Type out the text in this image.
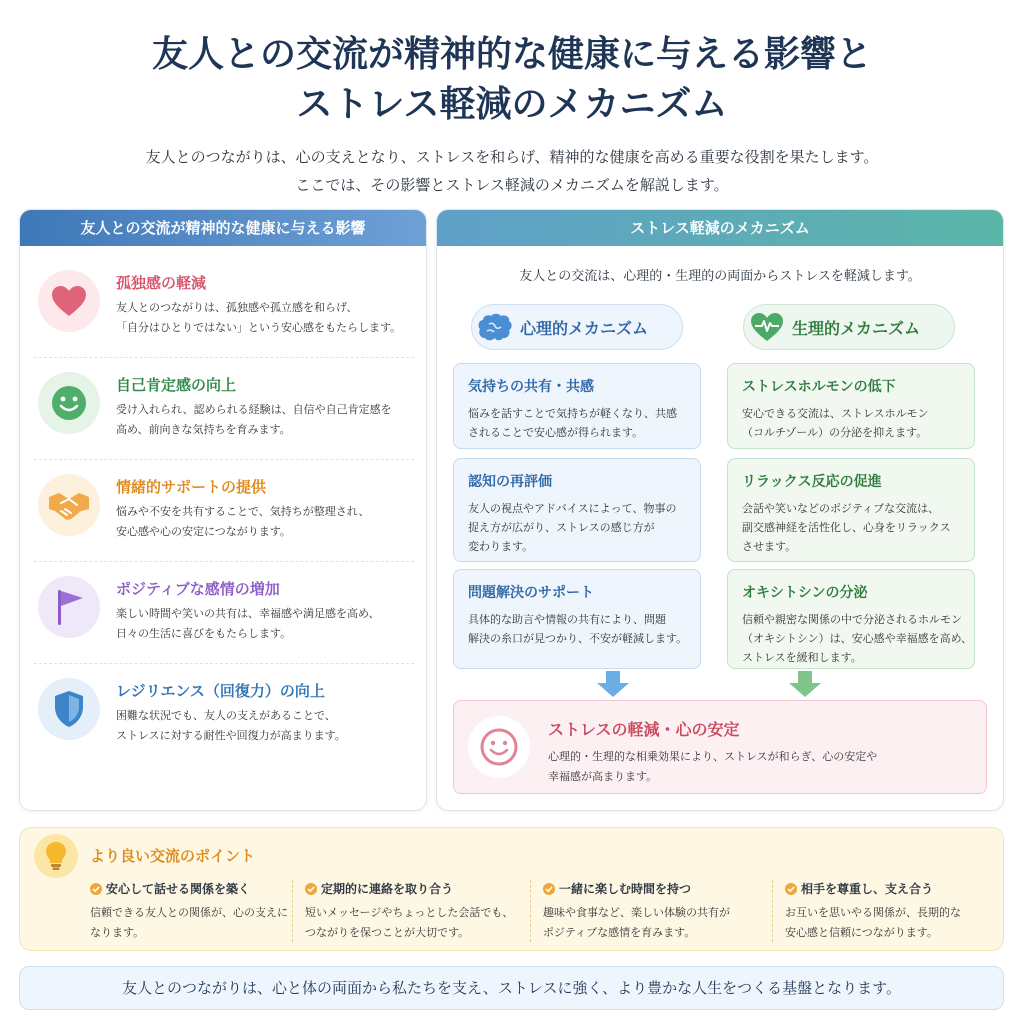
友人との交流が精神的な健康に与える影響と
ストレス軽減のメカニズム
友人とのつながりは、心の支えとなり、ストレスを和らげ、精神的な健康を高める重要な役割を果たします。
ここでは、その影響とストレス軽減のメカニズムを解説します。
友人との交流が精神的な健康に与える影響
孤独感の軽減
友人とのつながりは、孤独感や孤立感を和らげ、
「自分はひとりではない」という安心感をもたらします。
自己肯定感の向上
受け入れられ、認められる経験は、自信や自己肯定感を
高め、前向きな気持ちを育みます。
情緒的サポートの提供
悩みや不安を共有することで、気持ちが整理され、
安心感や心の安定につながります。
ポジティブな感情の増加
楽しい時間や笑いの共有は、幸福感や満足感を高め、
日々の生活に喜びをもたらします。
レジリエンス（回復力）の向上
困難な状況でも、友人の支えがあることで、
ストレスに対する耐性や回復力が高まります。
ストレス軽減のメカニズム
友人との交流は、心理的・生理的の両面からストレスを軽減します。
心理的メカニズム	生理的メカニズム
気持ちの共有・共感
悩みを話すことで気持ちが軽くなり、共感
されることで安心感が得られます。
認知の再評価
友人の視点やアドバイスによって、物事の
捉え方が広がり、ストレスの感じ方が
変わります。
問題解決のサポート
具体的な助言や情報の共有により、問題
解決の糸口が見つかり、不安が軽減します。
ストレスホルモンの低下
安心できる交流は、ストレスホルモン
（コルチゾール）の分泌を抑えます。
リラックス反応の促進
会話や笑いなどのポジティブな交流は、
副交感神経を活性化し、心身をリラックス
させます。
オキシトシンの分泌
信頼や親密な関係の中で分泌されるホルモン
（オキシトシン）は、安心感や幸福感を高め、
ストレスを緩和します。
ストレスの軽減・心の安定
心理的・生理的な相乗効果により、ストレスが和らぎ、心の安定や
幸福感が高まります。
より良い交流のポイント
安心して話せる関係を築く
信頼できる友人との関係が、心の支えに
なります。
定期的に連絡を取り合う
短いメッセージやちょっとした会話でも、
つながりを保つことが大切です。
一緒に楽しむ時間を持つ
趣味や食事など、楽しい体験の共有が
ポジティブな感情を育みます。
相手を尊重し、支え合う
お互いを思いやる関係が、長期的な
安心感と信頼につながります。
友人とのつながりは、心と体の両面から私たちを支え、ストレスに強く、より豊かな人生をつくる基盤となります。
